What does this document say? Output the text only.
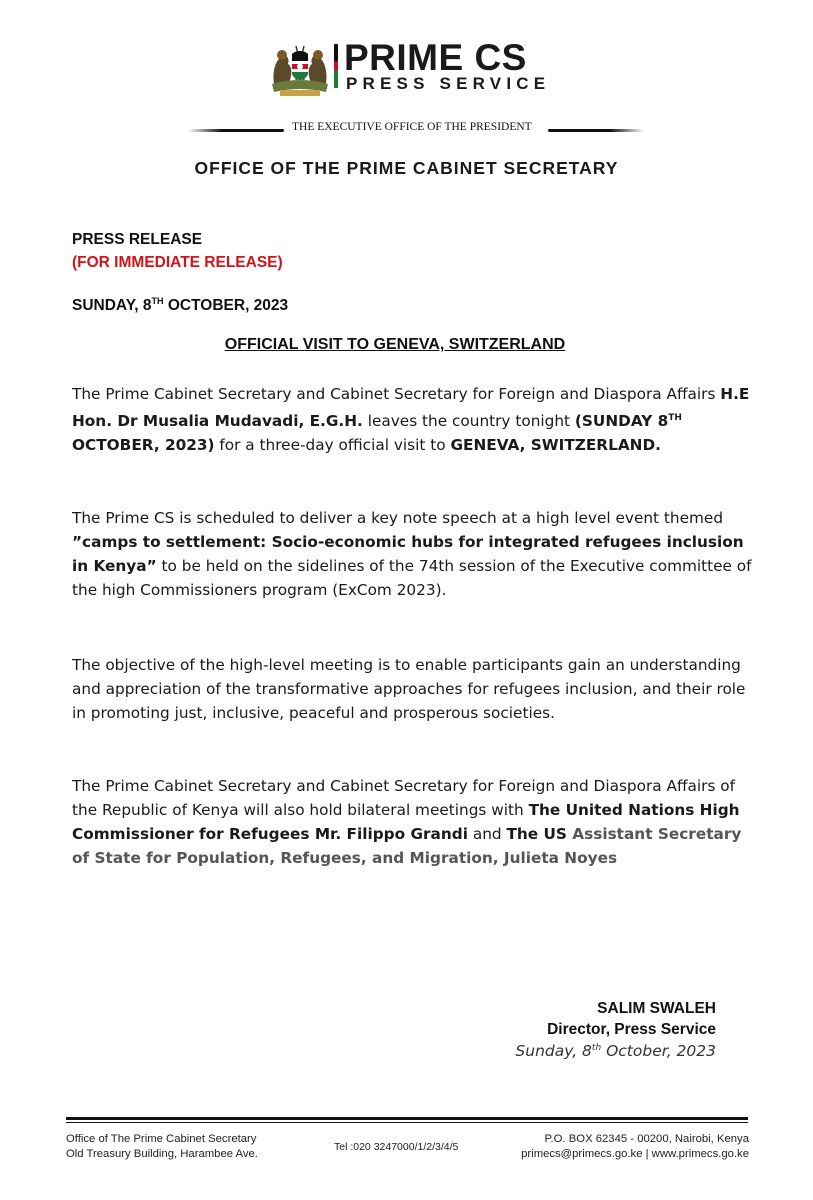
PRIME CS
PRESS SERVICE
THE EXECUTIVE OFFICE OF THE PRESIDENT
OFFICE OF THE PRIME CABINET SECRETARY
PRESS RELEASE
(FOR IMMEDIATE RELEASE)
SUNDAY, 8TH OCTOBER, 2023
OFFICIAL VISIT TO GENEVA, SWITZERLAND
The Prime Cabinet Secretary and Cabinet Secretary for Foreign and Diaspora Affairs H.E Hon. Dr Musalia Mudavadi, E.G.H. leaves the country tonight (SUNDAY 8TH OCTOBER, 2023) for a three-day official visit to GENEVA, SWITZERLAND.
The Prime CS is scheduled to deliver a key note speech at a high level event themed ”camps to settlement: Socio-economic hubs for integrated refugees inclusion in Kenya” to be held on the sidelines of the 74th session of the Executive committee of the high Commissioners program (ExCom 2023).
The objective of the high-level meeting is to enable participants gain an understanding and appreciation of the transformative approaches for refugees inclusion, and their role in promoting just, inclusive, peaceful and prosperous societies.
The Prime Cabinet Secretary and Cabinet Secretary for Foreign and Diaspora Affairs of the Republic of Kenya will also hold bilateral meetings with The United Nations High Commissioner for Refugees Mr. Filippo Grandi and The US Assistant Secretary of State for Population, Refugees, and Migration, Julieta Noyes
SALIM SWALEH
Director, Press Service
Sunday, 8th October, 2023
Office of The Prime Cabinet Secretary
Old Treasury Building, Harambee Ave.
Tel :020 3247000/1/2/3/4/5
P.O. BOX 62345 - 00200, Nairobi, Kenya
primecs@primecs.go.ke | www.primecs.go.ke
